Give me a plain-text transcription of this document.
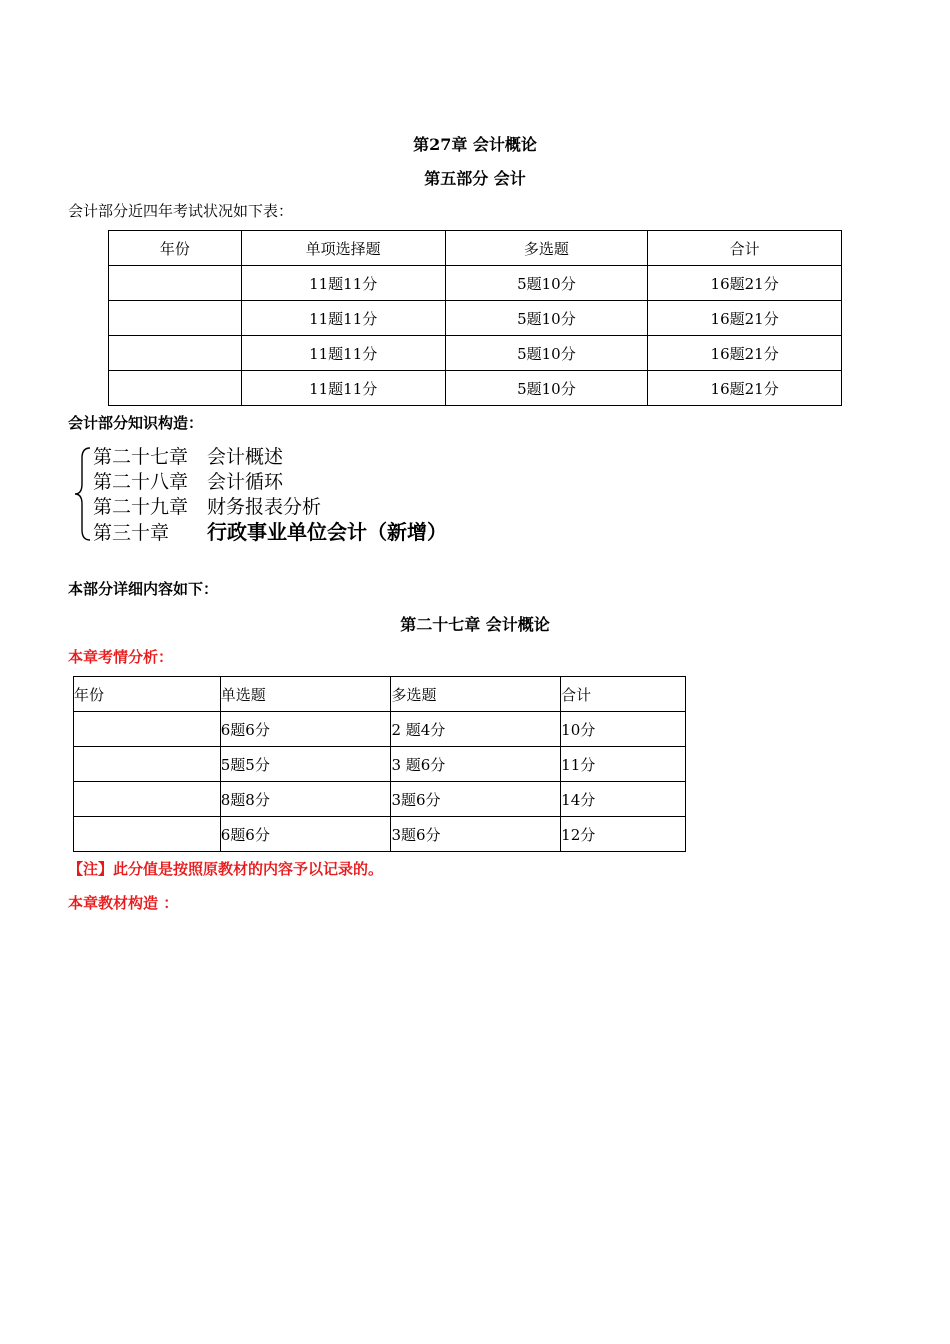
第27章 会计概论
第五部分 会计
会计部分近四年考试状况如下表：
年份	单项选择题	多选题	合计
	11题11分	5题10分	16题21分
	11题11分	5题10分	16题21分
	11题11分	5题10分	16题21分
	11题11分	5题10分	16题21分
会计部分知识构造：
第二十七章 会计概述
第二十八章 会计循环
第二十九章 财务报表分析
第三十章 行政事业单位会计（新增）
本部分详细内容如下：
第二十七章 会计概论
本章考情分析：
年份	单选题	多选题	合计
	6题6分	2 题4分	10分
	5题5分	3 题6分	11分
	8题8分	3题6分	14分
	6题6分	3题6分	12分
【注】此分值是按照原教材的内容予以记录的。
本章教材构造 ：
